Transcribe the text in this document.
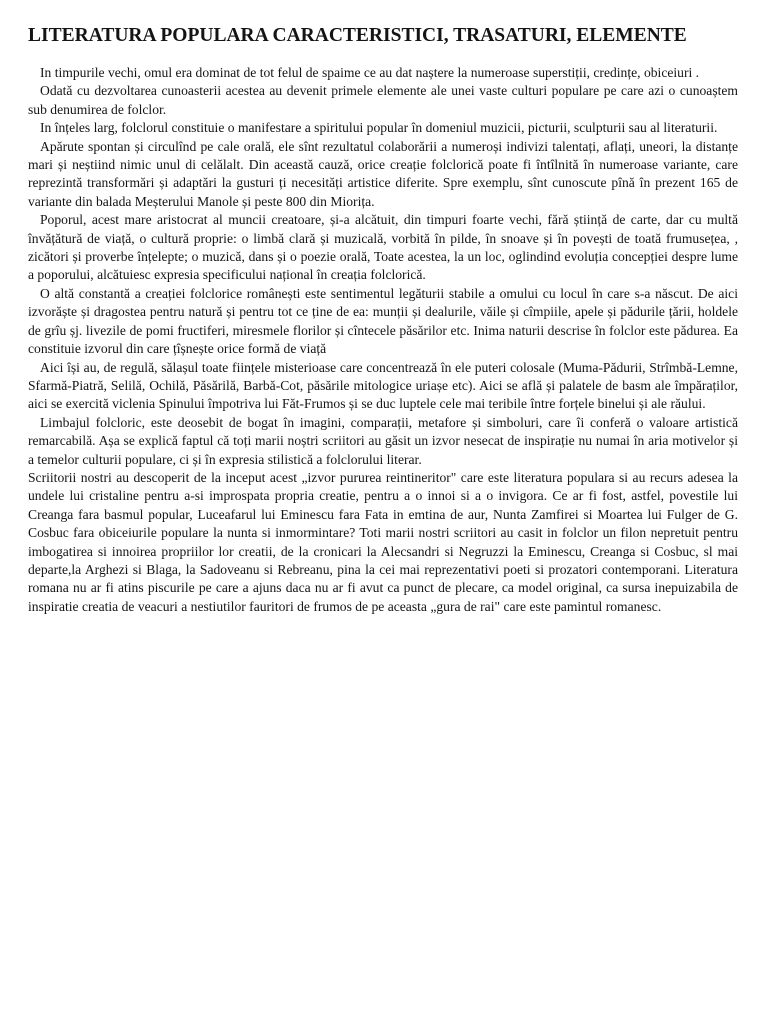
LITERATURA POPULARA CARACTERISTICI, TRASATURI, ELEMENTE

In timpurile vechi, omul era dominat de tot felul de spaime ce au dat naștere la numeroase superstiții, credințe, obiceiuri .

Odată cu dezvoltarea cunoasterii acestea au devenit primele elemente ale unei vaste culturi populare pe care azi o cunoaștem sub denumirea de folclor.

In înțeles larg, folclorul constituie o manifestare a spiritului popular în domeniul muzicii, picturii, sculpturii sau al literaturii.

Apărute spontan și circulînd pe cale orală, ele sînt rezultatul colaborării a numeroși indivizi talentați, aflați, uneori, la distanțe mari și neștiind nimic unul di celălalt. Din această cauză, orice creație folclorică poate fi întîlnită în numeroase variante, care reprezintă transformări și adaptări la gusturi ți necesități artistice diferite. Spre exemplu, sînt cunoscute pînă în prezent 165 de variante din balada Meșterului Manole și peste 800 din Miorița.

Poporul, acest mare aristocrat al muncii creatoare, și-a alcătuit, din timpuri foarte vechi, fără știință de carte, dar cu multă învățătură de viață, o cultură proprie: o limbă clară și muzicală, vorbită în pilde, în snoave și în povești de toată frumusețea, , zicători și proverbe înțelepte; o muzică, dans și o poezie orală, Toate acestea, la un loc, oglindind evoluția concepției despre lume a poporului, alcătuiesc expresia specificului național în creația folclorică.

O altă constantă a creației folclorice românești este sentimentul legăturii stabile a omului cu locul în care s-a născut. De aici izvorăște și dragostea pentru natură și pentru tot ce ține de ea: munții și dealurile, văile și cîmpiile, apele și pădurile țării, holdele de grîu șj. livezile de pomi fructiferi, miresmele florilor și cîntecele păsărilor etc. Inima naturii descrise în folclor este pădurea. Ea constituie izvorul din care țîșnește orice formă de viață

Aici își au, de regulă, sălașul toate ființele misterioase care concentrează în ele puteri colosale (Muma-Pădurii, Strîmbă-Lemne, Sfarmă-Piatră, Selilă, Ochilă, Păsărilă, Barbă-Cot, păsările mitologice uriașe etc). Aici se află și palatele de basm ale împăraților, aici se exercită viclenia Spinului împotriva lui Făt-Frumos și se duc luptele cele mai teribile între forțele binelui și ale răului.

Limbajul folcloric, este deosebit de bogat în imagini, comparații, metafore și simboluri, care îi conferă o valoare artistică remarcabilă. Așa se explică faptul că toți marii noștri scriitori au găsit un izvor nesecat de inspirație nu numai în aria motivelor și a temelor culturii populare, ci și în expresia stilistică a folclorului literar.

Scriitorii nostri au descoperit de la inceput acest „izvor pururea reintineritor" care este literatura populara si au recurs adesea la undele lui cristaline pentru a-si improspata propria creatie, pentru a o innoi si a o invigora. Ce ar fi fost, astfel, povestile lui Creanga fara basmul popular, Luceafarul lui Eminescu fara Fata in emtina de aur, Nunta Zamfirei si Moartea lui Fulger de G. Cosbuc fara obiceiurile populare la nunta si inmormintare? Toti marii nostri scriitori au casit in folclor un filon nepretuit pentru imbogatirea si innoirea propriilor lor creatii, de la cronicari la Alecsandri si Negruzzi la Eminescu, Creanga si Cosbuc, sl mai departe,la Arghezi si Blaga, la Sadoveanu si Rebreanu, pina la cei mai reprezentativi poeti si prozatori contemporani. Literatura romana nu ar fi atins piscurile pe care a ajuns daca nu ar fi avut ca punct de plecare, ca model original, ca sursa inepuizabila de inspiratie creatia de veacuri a nestiutilor fauritori de frumos de pe aceasta „gura de rai" care este pamintul romanesc.
